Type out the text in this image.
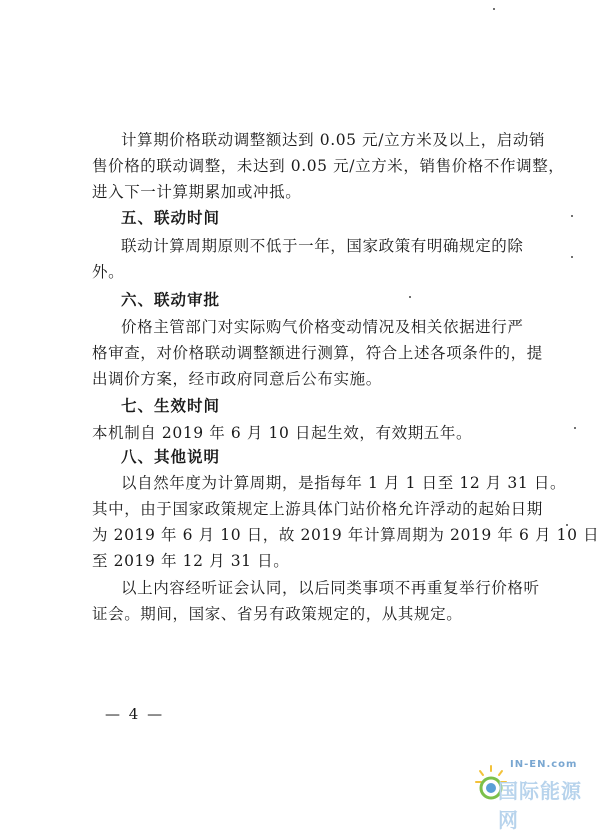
计算期价格联动调整额达到 0.05 元/立方米及以上，启动销
售价格的联动调整，未达到 0.05 元/立方米，销售价格不作调整，
进入下一计算期累加或冲抵。
五、联动时间
联动计算周期原则不低于一年，国家政策有明确规定的除
外。
六、联动审批
价格主管部门对实际购气价格变动情况及相关依据进行严
格审查，对价格联动调整额进行测算，符合上述各项条件的，提
出调价方案，经市政府同意后公布实施。
七、生效时间
本机制自 2019 年 6 月 10 日起生效，有效期五年。
八、其他说明
以自然年度为计算周期，是指每年 1 月 1 日至 12 月 31 日。
其中，由于国家政策规定上游具体门站价格允许浮动的起始日期
为 2019 年 6 月 10 日，故 2019 年计算周期为 2019 年 6 月 10 日
至 2019 年 12 月 31 日。
以上内容经听证会认同，以后同类事项不再重复举行价格听
证会。期间，国家、省另有政策规定的，从其规定。
— 4 —
IN-EN.com
国际能源网
